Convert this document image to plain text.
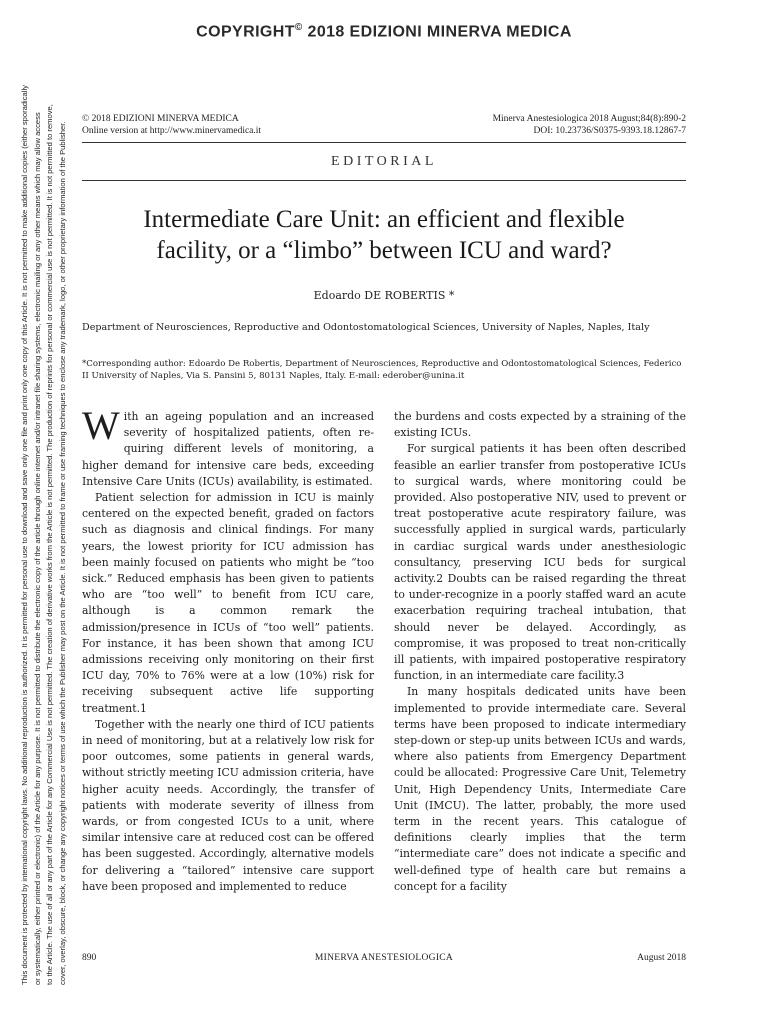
COPYRIGHT© 2018 EDIZIONI MINERVA MEDICA
This document is protected by international copyright laws. No additional reproduction is authorized. It is permitted for personal use to download and save only one file and print only one copy of this Article. It is not permitted to make additional copies (either sporadically or systematically, either printed or electronic) of the Article for any purpose. It is not permitted to distribute the electronic copy of the article through online internet and/or intranet file sharing systems, electronic mailing or any other means which may allow access to the Article. The use of all or any part of the Article for any Commercial Use is not permitted. The creation of derivative works from the Article is not permitted. The production of reprints for personal or commercial use is not permitted. It is not permitted to remove, cover, overlay, obscure, block, or change any copyright notices or terms of use which the Publisher may post on the Article. It is not permitted to frame or use framing techniques to enclose any trademark, logo, or other proprietary information of the Publisher.
© 2018 EDIZIONI MINERVA MEDICA
Online version at http://www.minervamedica.it
Minerva Anestesiologica 2018 August;84(8):890-2
DOI: 10.23736/S0375-9393.18.12867-7
EDITORIAL
Intermediate Care Unit: an efficient and flexible
facility, or a “limbo” between ICU and ward?
Edoardo DE ROBERTIS *
Department of Neurosciences, Reproductive and Odontostomatological Sciences, University of Naples, Naples, Italy
*Corresponding author: Edoardo De Robertis, Department of Neurosciences, Reproductive and Odontostomatological Sciences, Federico II University of Naples, Via S. Pansini 5, 80131 Naples, Italy. E-mail: ederober@unina.it

With an ageing population and an increased severity of hospitalized patients, often requiring different levels of monitoring, a higher demand for intensive care beds, exceeding Intensive Care Units (ICUs) availability, is estimated.

Patient selection for admission in ICU is mainly centered on the expected benefit, graded on factors such as diagnosis and clinical findings. For many years, the lowest priority for ICU admission has been mainly focused on patients who might be “too sick.” Reduced emphasis has been given to patients who are “too well” to benefit from ICU care, although is a common remark the admission/presence in ICUs of “too well” patients. For instance, it has been shown that among ICU admissions receiving only monitoring on their first ICU day, 70% to 76% were at a low (10%) risk for receiving subsequent active life supporting treatment.1

Together with the nearly one third of ICU patients in need of monitoring, but at a relatively low risk for poor outcomes, some patients in general wards, without strictly meeting ICU admission criteria, have higher acuity needs. Accordingly, the transfer of patients with moderate severity of illness from wards, or from congested ICUs to a unit, where similar intensive care at reduced cost can be offered has been suggested. Accordingly, alternative models for delivering a “tailored” intensive care support have been proposed and implemented to reduce

the burdens and costs expected by a straining of the existing ICUs.

For surgical patients it has been often described feasible an earlier transfer from postoperative ICUs to surgical wards, where monitoring could be provided. Also postoperative NIV, used to prevent or treat postoperative acute respiratory failure, was successfully applied in surgical wards, particularly in cardiac surgical wards under anesthesiologic consultancy, preserving ICU beds for surgical activity.2 Doubts can be raised regarding the threat to under-recognize in a poorly staffed ward an acute exacerbation requiring tracheal intubation, that should never be delayed. Accordingly, as compromise, it was proposed to treat non-critically ill patients, with impaired postoperative respiratory function, in an intermediate care facility.3

In many hospitals dedicated units have been implemented to provide intermediate care. Several terms have been proposed to indicate intermediary step-down or step-up units between ICUs and wards, where also patients from Emergency Department could be allocated: Progressive Care Unit, Telemetry Unit, High Dependency Units, Intermediate Care Unit (IMCU). The latter, probably, the more used term in the recent years. This catalogue of definitions clearly implies that the term “intermediate care” does not indicate a specific and well-defined type of health care but remains a concept for a facility

890	MINERVA ANESTESIOLOGICA	August 2018
